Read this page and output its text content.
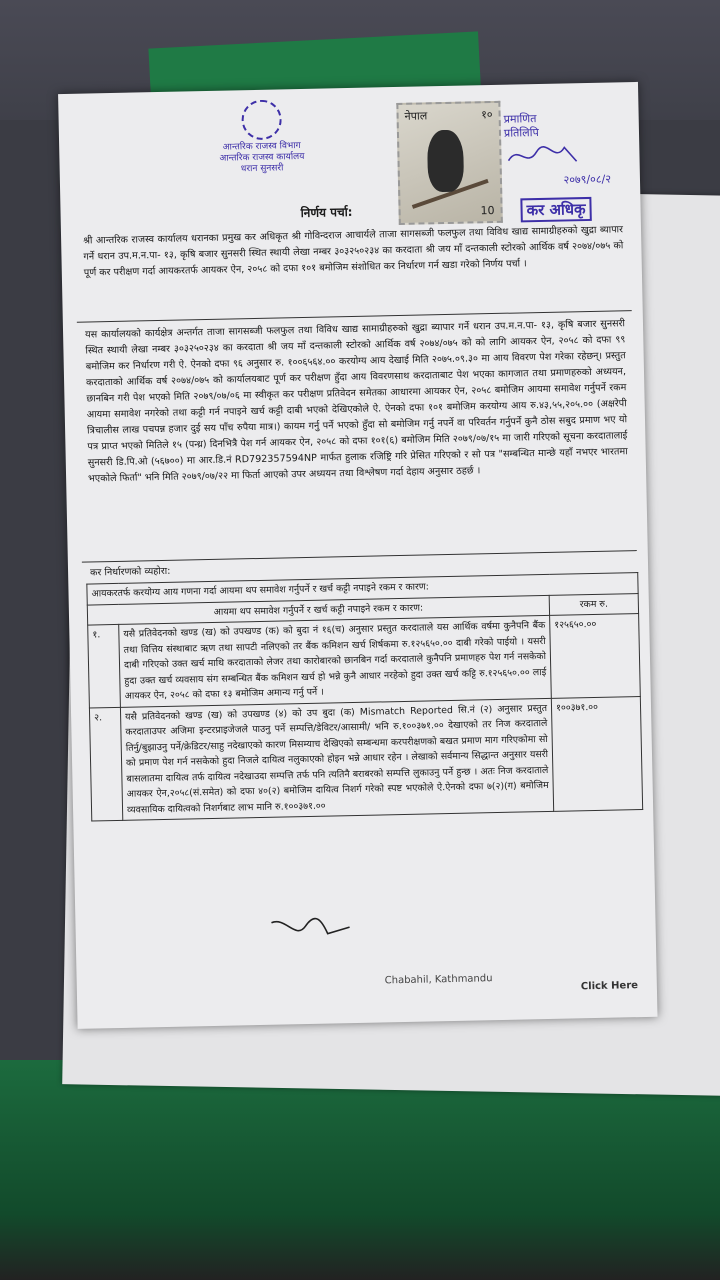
आन्तरिक राजस्व विभाग
आन्तरिक राजस्व कार्यालय
धरान सुनसरी
नेपाल	१०
10
प्रमाणित
प्रतिलिपि
२०७९/०८/२
कर अधिकृ
निर्णय पर्चा:
श्री आन्तरिक राजस्व कार्यालय धरानका प्रमुख कर अधिकृत श्री गोविन्दराज आचार्यले ताजा सागसब्जी फलफुल तथा विविध खाद्य सामाग्रीहरुको खुद्रा ब्यापार गर्ने धरान उप.म.न.पा- १३, कृषि बजार सुनसरी स्थित स्थायी लेखा नम्बर ३०३२५०२३४ का करदाता श्री जय माँ दन्तकाली स्टोरको आर्थिक वर्ष २०७४/०७५ को पूर्ण कर परीक्षण गर्दा आयकरतर्फ आयकर ऐन, २०५८ को दफा १०१ बमोजिम संशोधित कर निर्धारण गर्न खडा गरेको निर्णय पर्चा ।
यस कार्यालयको कार्यक्षेत्र अन्तर्गत ताजा सागसब्जी फलफुल तथा विविध खाद्य सामाग्रीहरुको खुद्रा ब्यापार गर्ने धरान उप.म.न.पा- १३, कृषि बजार सुनसरी स्थित स्थायी लेखा नम्बर ३०३२५०२३४ का करदाता श्री जय माँ दन्तकाली स्टोरको आर्थिक वर्ष २०७४/०७५ को को लागि आयकर ऐन, २०५८ को दफा ९९ बमोजिम कर निर्धारण गरी ऐ. ऐनको दफा ९६ अनुसार रु. १००६५६४.०० करयोग्य आय देखाई मिति २०७५.०९.३० मा आय विवरण पेश गरेका रहेछन्। प्रस्तुत करदाताको आर्थिक वर्ष २०७४/०७५ को कार्यालयबाट पूर्ण कर परीक्षण हुँदा आय विवरणसाथ करदाताबाट पेश भएका कागजात तथा प्रमाणहरुको अध्ययन, छानबिन गरी पेश भएको मिति २०७९/०७/०६ मा स्वीकृत कर परीक्षण प्रतिवेदन समेतका आधारमा आयकर ऐन, २०५८ बमोजिम आयमा समावेश गर्नुपर्ने रकम आयमा समावेश नगरेको तथा कट्टी गर्न नपाइने खर्च कट्टी दाबी भएको देखिएकोले ऐ. ऐनको दफा १०१ बमोजिम करयोग्य आय रु.४३,५५,२०५.०० (अक्षरेपी त्रिचालीस लाख पचपन्न हजार दुई सय पाँच रुपैया मात्र।) कायम गर्नु पर्ने भएको हुँदा सो बमोजिम गर्नु नपर्ने वा परिवर्तन गर्नुपर्ने कुनै ठोस सबुद प्रमाण भए यो पत्र प्राप्त भएको मितिले १५ (पन्ध्र) दिनभित्रै पेश गर्न आयकर ऐन, २०५८ को दफा १०१(६) बमोजिम मिति २०७९/०७/१५ मा जारी गरिएको सूचना करदातालाई सुनसरी डि.पि.ओ (५६७००) मा आर.डि.नं RD792357594NP मार्फत हुलाक रजिष्ट्रि गरि प्रेसित गरिएको र सो पत्र "सम्बन्धित मान्छे यहाँ नभएर भारतमा भएकोले फिर्ता" भनि मिति २०७९/०७/२२ मा फिर्ता आएको उपर अध्ययन तथा विश्लेषण गर्दा देहाय अनुसार ठहर्छ ।
कर निर्धारणको व्यहोरा:
आयकरतर्फ करयोग्य आय गणना गर्दा आयमा थप समावेश गर्नुपर्ने र खर्च कट्टी नपाइने रकम र कारण:		
आयमा थप समावेश गर्नुपर्ने र खर्च कट्टी नपाइने रकम र कारण:		रकम रु.
१.	यसै प्रतिवेदनको खण्ड (ख) को उपखण्ड (क) को बुदा नं १६(च) अनुसार प्रस्तुत करदाताले यस आर्थिक वर्षमा कुनैपनि बैंक तथा वित्तिय संस्थाबाट ऋण तथा सापटी नलिएको तर बैंक कमिशन खर्च शिर्षकमा रु.१२५६५०.०० दाबी गरेको पाईयो । यसरी दाबी गरिएको उक्त खर्च माथि करदाताको लेजर तथा कारोबारको छानबिन गर्दा करदाताले कुनैपनि प्रमाणहरु पेश गर्न नसकेको हुदा उक्त खर्च व्यवसाय संग सम्बन्धित बैंक कमिशन खर्च हो भन्ने कुनै आधार नरहेको हुदा उक्त खर्च कट्टि रु.१२५६५०.०० लाई आयकर ऐन, २०५८ को दफा १३ बमोजिम अमान्य गर्नु पर्ने ।	१२५६५०.००
२.	यसै प्रतिवेदनको खण्ड (ख) को उपखण्ड (४) को उप बुदा (क) Mismatch Reported सि.नं (२) अनुसार प्रस्तुत करदाताउपर अजिमा इन्टरप्राइजेजले पाउनु पर्ने सम्पत्ति/डेविटर/आसामी/ भनि रु.१००३७१.०० देखाएको तर निज करदाताले तिर्नु/बुझाउनु पर्ने/क्रेडिटर/साहु नदेखाएको कारण मिसम्याच देखिएको सम्बन्धमा करपरीक्षणको बखत प्रमाण माग गरिएकोमा सो को प्रमाण पेश गर्न नसकेको हुदा निजले दायित्व नलुकाएको होइन भन्ने आधार रहेन । लेखाको सर्वमान्य सिद्धान्त अनुसार यसरी बासलातमा दायित्व तर्फ दायित्व नदेखाउदा सम्पत्ति तर्फ पनि त्यतिनै बराबरको सम्पत्ति लुकाउनु पर्ने हुन्छ । अतः निज करदाताले आयकर ऐन,२०५८(सं.समेत) को दफा ४०(२) बमोजिम दायित्व निशर्ग गरेको स्पष्ट भएकोले ऐ.ऐनको दफा ७(२)(ग) बमोजिम व्यवसायिक दायित्वको निशर्गबाट लाभ मानि रु.१००३७१.००	१००३७१.००
Chabahil, Kathmandu	Click Here
